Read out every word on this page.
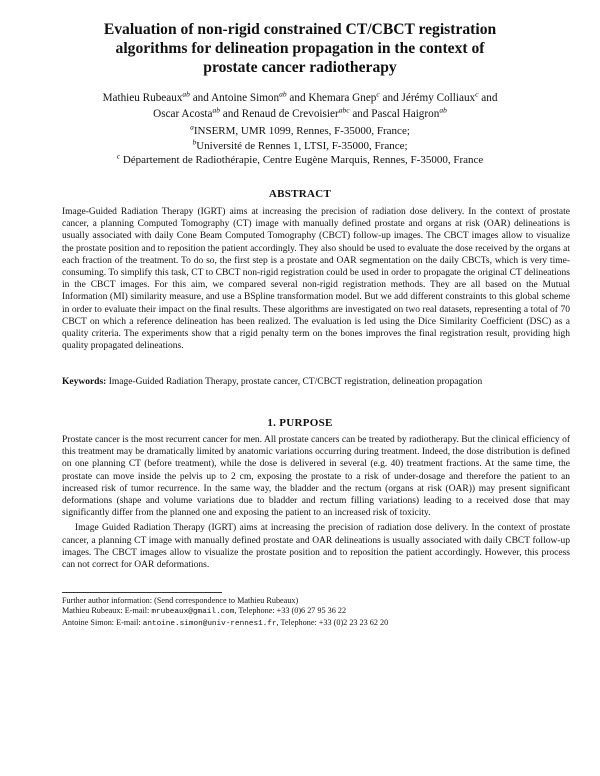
Evaluation of non-rigid constrained CT/CBCT registration
algorithms for delineation propagation in the context of
prostate cancer radiotherapy
Mathieu Rubeaux$^{ab}$ and Antoine Simon$^{ab}$ and Khemara Gnep$^c$ and Jérémy Colliaux$^c$ and
Oscar Acosta$^{ab}$ and Renaud de Crevoisier$^{abc}$ and Pascal Haigron$^{ab}$
$^a$INSERM, UMR 1099, Rennes, F-35000, France;
$^b$Université de Rennes 1, LTSI, F-35000, France;
$^c$ Département de Radiothérapie, Centre Eugène Marquis, Rennes, F-35000, France
ABSTRACT
Image-Guided Radiation Therapy (IGRT) aims at increasing the precision of radiation dose delivery. In the context of prostate cancer, a planning Computed Tomography (CT) image with manually defined prostate and organs at risk (OAR) delineations is usually associated with daily Cone Beam Computed Tomography (CBCT) follow-up images. The CBCT images allow to visualize the prostate position and to reposition the patient accordingly. They also should be used to evaluate the dose received by the organs at each fraction of the treatment. To do so, the first step is a prostate and OAR segmentation on the daily CBCTs, which is very time-consuming. To simplify this task, CT to CBCT non-rigid registration could be used in order to propagate the original CT delineations in the CBCT images. For this aim, we compared several non-rigid registration methods. They are all based on the Mutual Information (MI) similarity measure, and use a BSpline transformation model. But we add different constraints to this global scheme in order to evaluate their impact on the final results. These algorithms are investigated on two real datasets, representing a total of 70 CBCT on which a reference delineation has been realized. The evaluation is led using the Dice Similarity Coefficient (DSC) as a quality criteria. The experiments show that a rigid penalty term on the bones improves the final registration result, providing high quality propagated delineations.
Keywords: Image-Guided Radiation Therapy, prostate cancer, CT/CBCT registration, delineation propagation
1. PURPOSE

Prostate cancer is the most recurrent cancer for men. All prostate cancers can be treated by radiotherapy. But the clinical efficiency of this treatment may be dramatically limited by anatomic variations occurring during treatment. Indeed, the dose distribution is defined on one planning CT (before treatment), while the dose is delivered in several (e.g. 40) treatment fractions. At the same time, the prostate can move inside the pelvis up to 2 cm, exposing the prostate to a risk of under-dosage and therefore the patient to an increased risk of tumor recurrence. In the same way, the bladder and the rectum (organs at risk (OAR)) may present significant deformations (shape and volume variations due to bladder and rectum filling variations) leading to a received dose that may significantly differ from the planned one and exposing the patient to an increased risk of toxicity.

Image Guided Radiation Therapy (IGRT) aims at increasing the precision of radiation dose delivery. In the context of prostate cancer, a planning CT image with manually defined prostate and OAR delineations is usually associated with daily CBCT follow-up images. The CBCT images allow to visualize the prostate position and to reposition the patient accordingly. However, this process can not correct for OAR deformations.

Further author information: (Send correspondence to Mathieu Rubeaux)
Mathieu Rubeaux: E-mail: mrubeaux@gmail.com, Telephone: +33 (0)6 27 95 36 22
Antoine Simon: E-mail: antoine.simon@univ-rennes1.fr, Telephone: +33 (0)2 23 23 62 20
